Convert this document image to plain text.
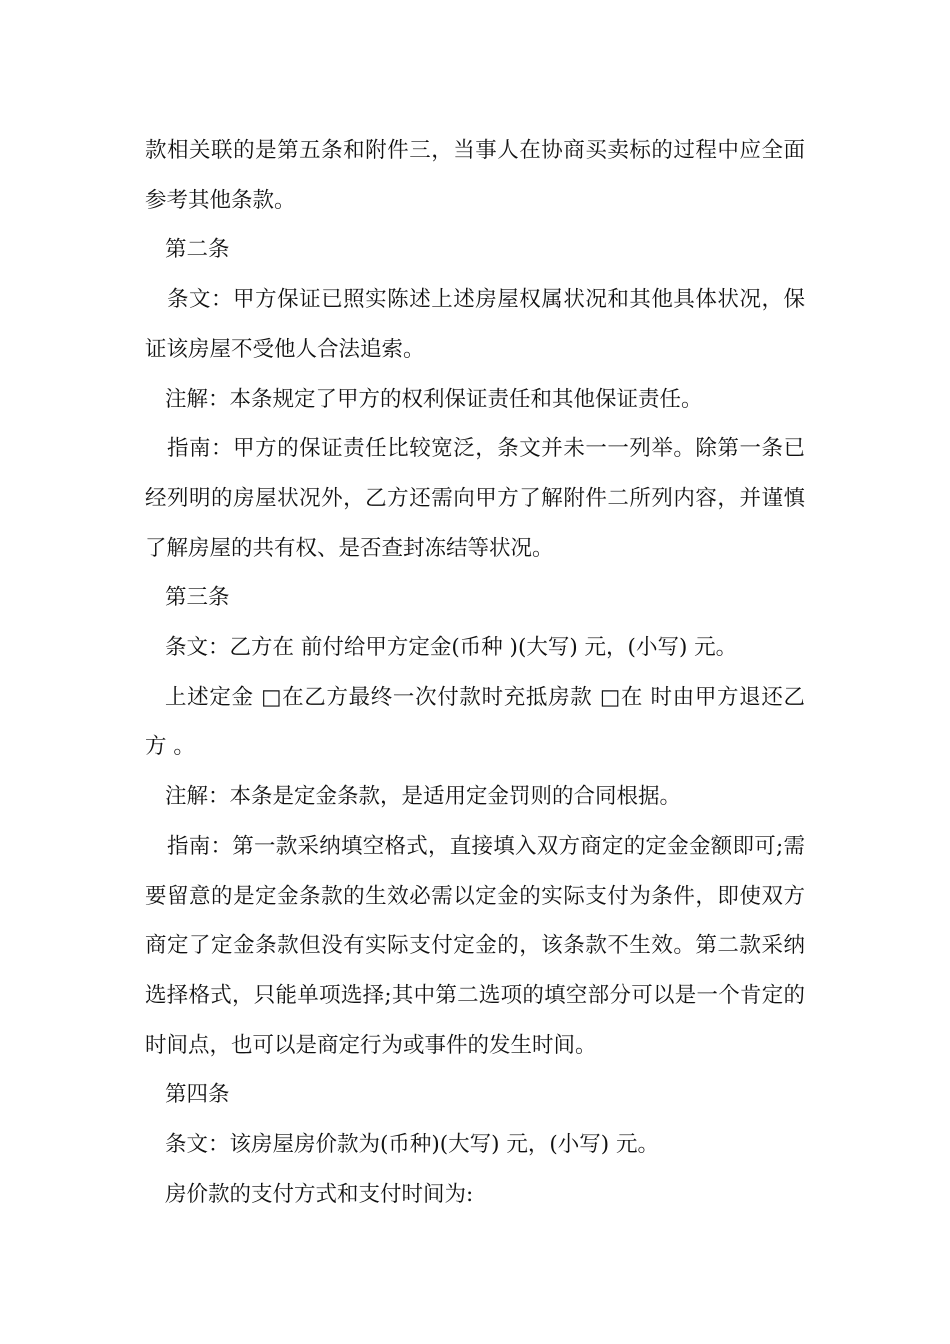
款相关联的是第五条和附件三，当事人在协商买卖标的过程中应全面参考其他条款。

第二条

条文：甲方保证已照实陈述上述房屋权属状况和其他具体状况，保证该房屋不受他人合法追索。

注解：本条规定了甲方的权利保证责任和其他保证责任。

指南：甲方的保证责任比较宽泛，条文并未一一列举。除第一条已经列明的房屋状况外，乙方还需向甲方了解附件二所列内容，并谨慎了解房屋的共有权、是否查封冻结等状况。

第三条

条文：乙方在 前付给甲方定金(币种 )(大写) 元，(小写) 元。

上述定金 □在乙方最终一次付款时充抵房款 □在 时由甲方退还乙方 。

注解：本条是定金条款，是适用定金罚则的合同根据。

指南：第一款采纳填空格式，直接填入双方商定的定金金额即可;需要留意的是定金条款的生效必需以定金的实际支付为条件，即使双方商定了定金条款但没有实际支付定金的，该条款不生效。第二款采纳选择格式，只能单项选择;其中第二选项的填空部分可以是一个肯定的时间点，也可以是商定行为或事件的发生时间。

第四条

条文：该房屋房价款为(币种)(大写) 元，(小写) 元。

房价款的支付方式和支付时间为:
